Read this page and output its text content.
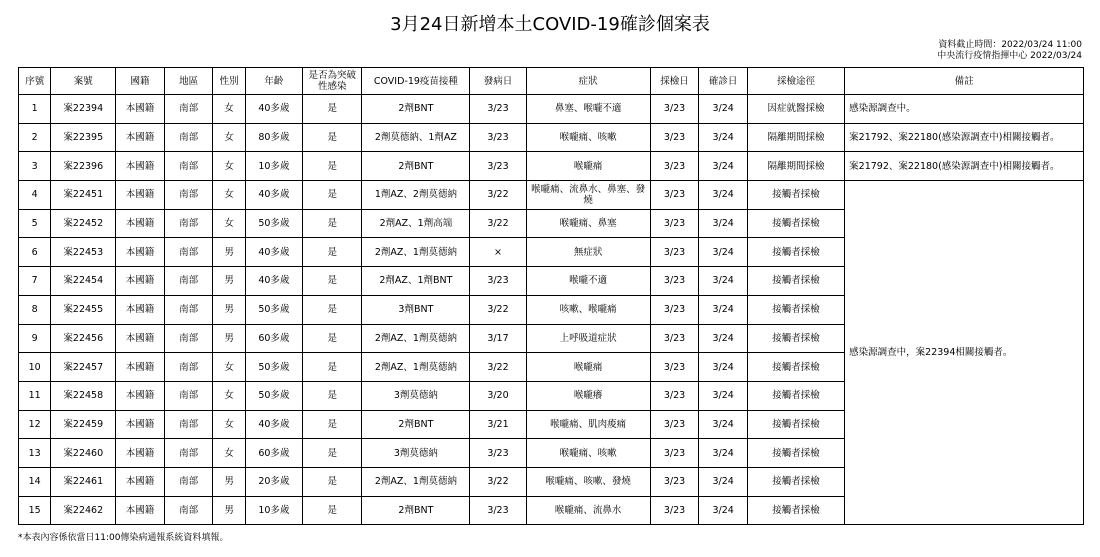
3月24日新增本土COVID-19確診個案表
資料截止時間：2022/03/24 11:00
中央流行疫情指揮中心 2022/03/24
序號	案號	國籍	地區	性別	年齡	是否為突破性感染	COVID-19疫苗接種	發病日	症狀	採檢日	確診日	採檢途徑	備註
1	案22394	本國籍	南部	女	40多歲	是	2劑BNT	3/23	鼻塞、喉嚨不適	3/23	3/24	因症就醫採檢	感染源調查中。
2	案22395	本國籍	南部	女	80多歲	是	2劑莫德納、1劑AZ	3/23	喉嚨痛、咳嗽	3/23	3/24	隔離期間採檢	案21792、案22180(感染源調查中)相關接觸者。
3	案22396	本國籍	南部	女	10多歲	是	2劑BNT	3/23	喉嚨痛	3/23	3/24	隔離期間採檢	案21792、案22180(感染源調查中)相關接觸者。
4	案22451	本國籍	南部	女	40多歲	是	1劑AZ、2劑莫德納	3/22	喉嚨痛、流鼻水、鼻塞、發燒	3/23	3/24	接觸者採檢	感染源調查中，案22394相關接觸者。
5	案22452	本國籍	南部	女	50多歲	是	2劑AZ、1劑高端	3/22	喉嚨痛、鼻塞	3/23	3/24	接觸者採檢	
6	案22453	本國籍	南部	男	40多歲	是	2劑AZ、1劑莫德納	×	無症狀	3/23	3/24	接觸者採檢	
7	案22454	本國籍	南部	男	40多歲	是	2劑AZ、1劑BNT	3/23	喉嚨不適	3/23	3/24	接觸者採檢	
8	案22455	本國籍	南部	男	50多歲	是	3劑BNT	3/22	咳嗽、喉嚨痛	3/23	3/24	接觸者採檢	
9	案22456	本國籍	南部	男	60多歲	是	2劑AZ、1劑莫德納	3/17	上呼吸道症狀	3/23	3/24	接觸者採檢	
10	案22457	本國籍	南部	女	50多歲	是	2劑AZ、1劑莫德納	3/22	喉嚨痛	3/23	3/24	接觸者採檢	
11	案22458	本國籍	南部	女	50多歲	是	3劑莫德納	3/20	喉嚨癢	3/23	3/24	接觸者採檢	
12	案22459	本國籍	南部	女	40多歲	是	2劑BNT	3/21	喉嚨痛、肌肉痠痛	3/23	3/24	接觸者採檢	
13	案22460	本國籍	南部	女	60多歲	是	3劑莫德納	3/23	喉嚨痛、咳嗽	3/23	3/24	接觸者採檢	
14	案22461	本國籍	南部	男	20多歲	是	2劑AZ、1劑莫德納	3/22	喉嚨痛、咳嗽、發燒	3/23	3/24	接觸者採檢	
15	案22462	本國籍	南部	男	10多歲	是	2劑BNT	3/23	喉嚨痛、流鼻水	3/23	3/24	接觸者採檢	
*本表內容係依當日11:00傳染病通報系統資料填報。
